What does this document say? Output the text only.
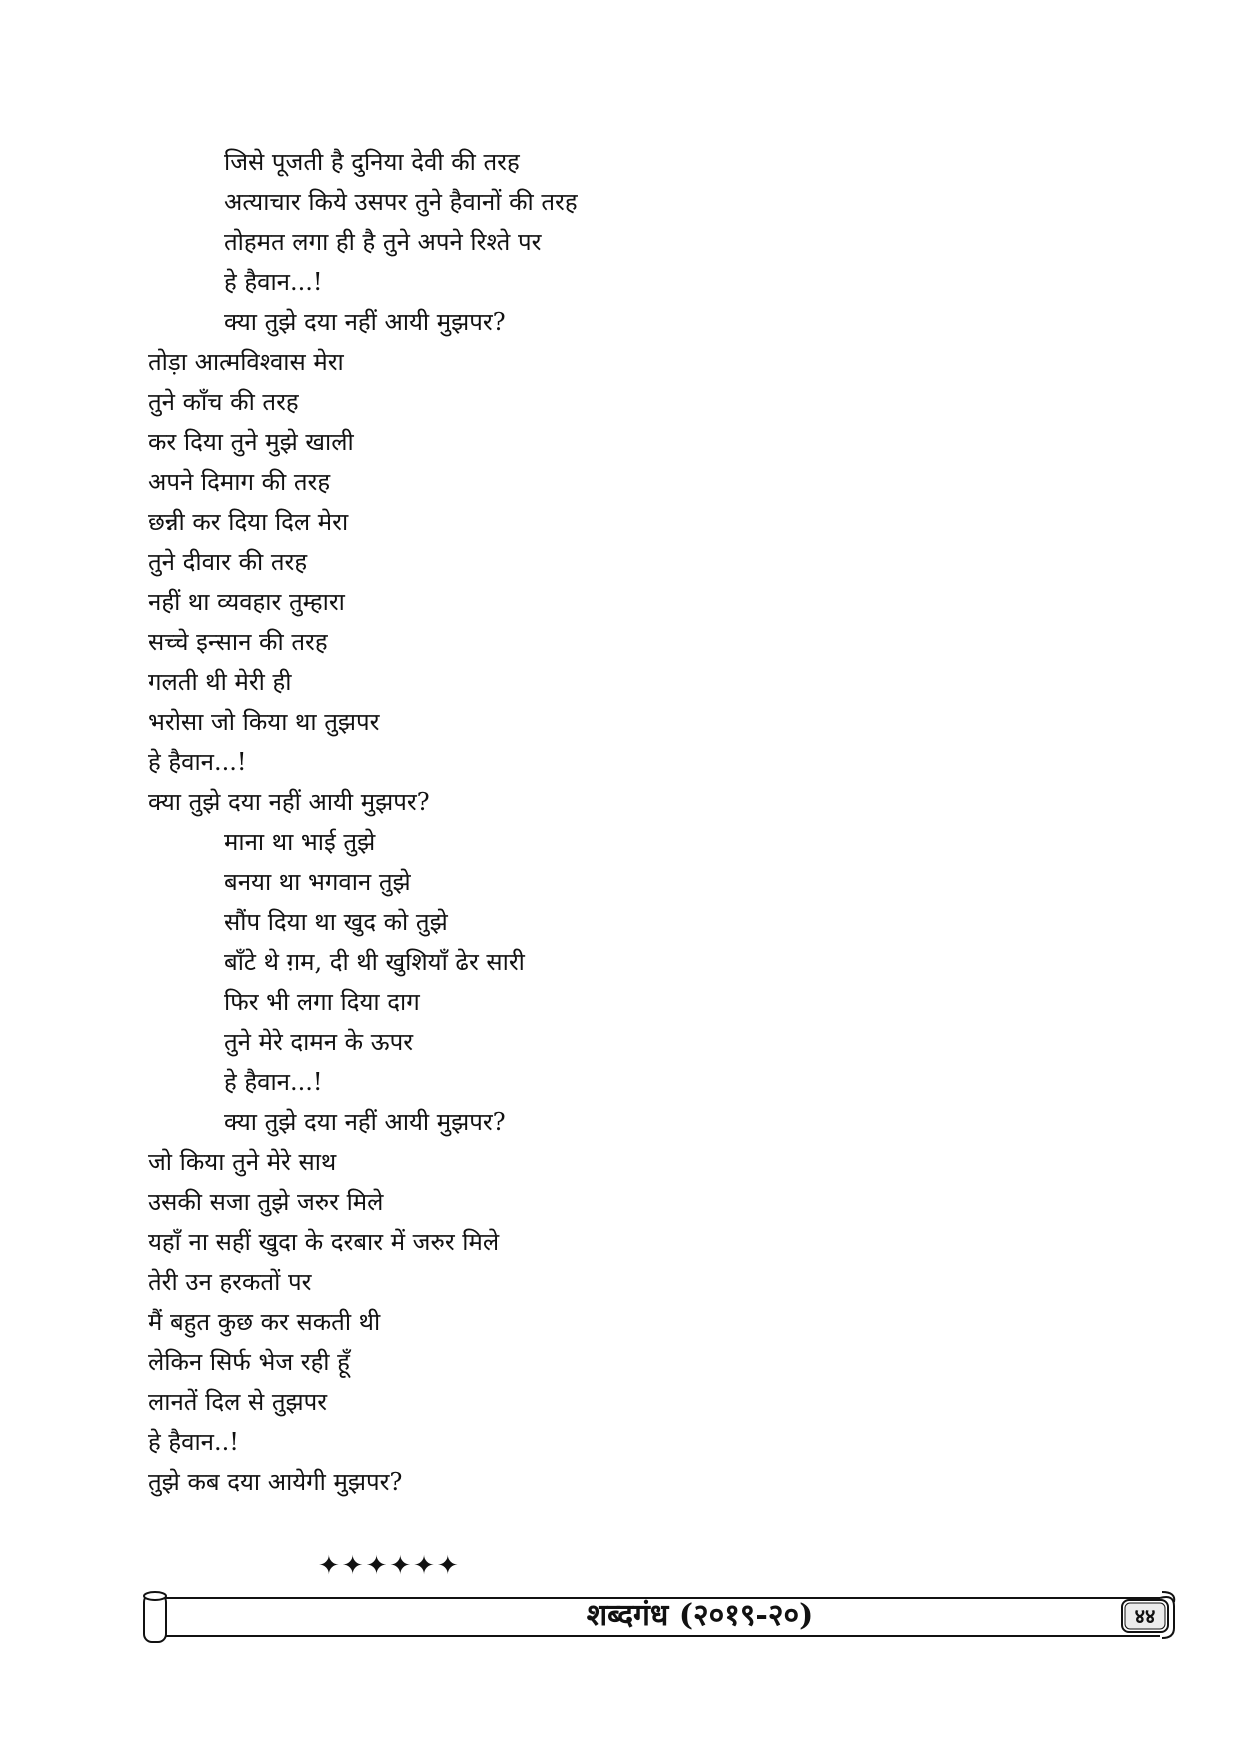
जिसे पूजती है दुनिया देवी की तरह
अत्याचार किये उसपर तुने हैवानों की तरह
तोहमत लगा ही है तुने अपने रिश्ते पर
हे हैवान...!
क्या तुझे दया नहीं आयी मुझपर?
तोड़ा आत्मविश्वास मेरा
तुने काँच की तरह
कर दिया तुने मुझे खाली
अपने दिमाग की तरह
छन्नी कर दिया दिल मेरा
तुने दीवार की तरह
नहीं था व्यवहार तुम्हारा
सच्चे इन्सान की तरह
गलती थी मेरी ही
भरोसा जो किया था तुझपर
हे हैवान...!
क्या तुझे दया नहीं आयी मुझपर?
माना था भाई तुझे
बनया था भगवान तुझे
सौंप दिया था खुद को तुझे
बाँटे थे ग़म, दी थी खुशियाँ ढेर सारी
फिर भी लगा दिया दाग
तुने मेरे दामन के ऊपर
हे हैवान...!
क्या तुझे दया नहीं आयी मुझपर?
जो किया तुने मेरे साथ
उसकी सजा तुझे जरुर मिले
यहाँ ना सहीं खुदा के दरबार में जरुर मिले
तेरी उन हरकतों पर
मैं बहुत कुछ कर सकती थी
लेकिन सिर्फ भेज रही हूँ
लानतें दिल से तुझपर
हे हैवान..!
तुझे कब दया आयेगी मुझपर?
✦✦✦✦✦✦
शब्दगंध (२०१९-२०)	४४
